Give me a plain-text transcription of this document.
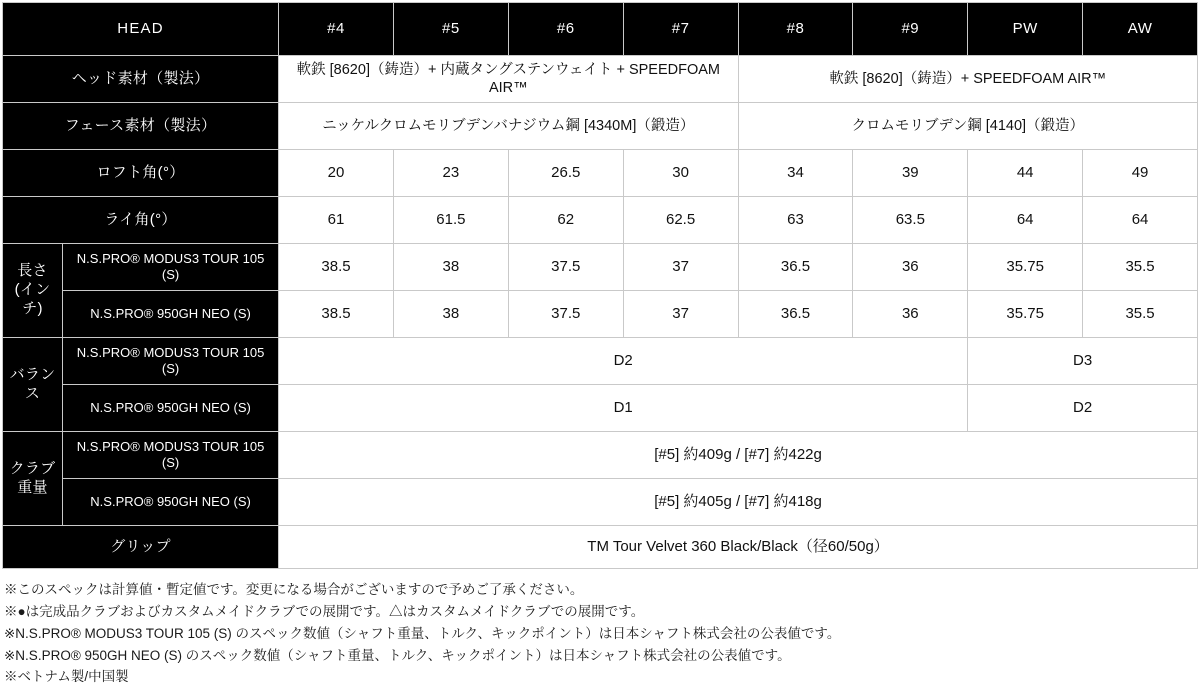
HEAD		#4	#5	#6	#7	#8	#9	PW	AW
ヘッド素材（製法）		軟鉄 [8620]（鋳造）+ 内蔵タングステンウェイト + SPEEDFOAM AIR™				軟鉄 [8620]（鋳造）+ SPEEDFOAM AIR™			
フェース素材（製法）		ニッケルクロムモリブデンバナジウム鋼 [4340M]（鍛造）				クロムモリブデン鋼 [4140]（鍛造）			
ロフト角(°）		20	23	26.5	30	34	39	44	49
ライ角(°）		61	61.5	62	62.5	63	63.5	64	64
長さ(インチ)	N.S.PRO® MODUS3 TOUR 105 (S)	38.5	38	37.5	37	36.5	36	35.75	35.5
	N.S.PRO® 950GH NEO (S)	38.5	38	37.5	37	36.5	36	35.75	35.5
バランス	N.S.PRO® MODUS3 TOUR 105 (S)	D2						D3	
	N.S.PRO® 950GH NEO (S)	D1						D2	
クラブ重量	N.S.PRO® MODUS3 TOUR 105 (S)	[#5] 約409g / [#7] 約422g							
	N.S.PRO® 950GH NEO (S)	[#5] 約405g / [#7] 約418g							
グリップ		TM Tour Velvet 360 Black/Black（径60/50g）							
※このスペックは計算値・暫定値です。変更になる場合がございますので予めご了承ください。
※●は完成品クラブおよびカスタムメイドクラブでの展開です。△はカスタムメイドクラブでの展開です。
※N.S.PRO® MODUS3 TOUR 105 (S) のスペック数値（シャフト重量、トルク、キックポイント）は日本シャフト株式会社の公表値です。
※N.S.PRO® 950GH NEO (S) のスペック数値（シャフト重量、トルク、キックポイント）は日本シャフト株式会社の公表値です。
※ベトナム製/中国製
